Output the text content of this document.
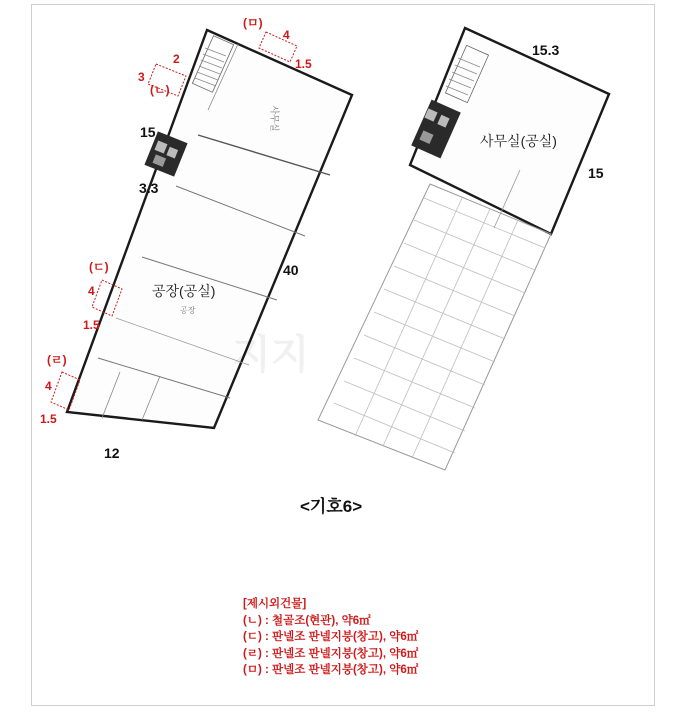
지지
15
3.3
40
12
15.3
15
(ㅁ)
4
1.5
2
3
(ㄴ)
(ㄷ)
4
1.5
(ㄹ)
4
1.5
공장(공실)
사무실(공실)
사무실
공장
<기호6>
[제시외건물]
(ㄴ) : 철골조(현관), 약6㎡
(ㄷ) : 판넬조 판넬지붕(창고), 약6㎡
(ㄹ) : 판넬조 판넬지붕(창고), 약6㎡
(ㅁ) : 판넬조 판넬지붕(창고), 약6㎡
